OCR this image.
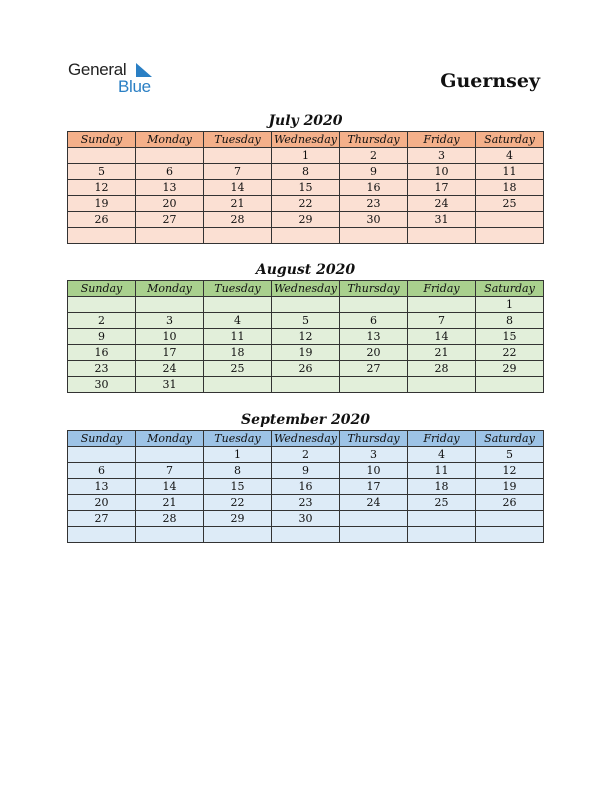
General
Blue	Guernsey
July 2020
Sunday	Monday	Tuesday	Wednesday	Thursday	Friday	Saturday
			1	2	3	4
5	6	7	8	9	10	11
12	13	14	15	16	17	18
19	20	21	22	23	24	25
26	27	28	29	30	31	

August 2020
Sunday	Monday	Tuesday	Wednesday	Thursday	Friday	Saturday
						1
2	3	4	5	6	7	8
9	10	11	12	13	14	15
16	17	18	19	20	21	22
23	24	25	26	27	28	29
30	31					
September 2020
Sunday	Monday	Tuesday	Wednesday	Thursday	Friday	Saturday
		1	2	3	4	5
6	7	8	9	10	11	12
13	14	15	16	17	18	19
20	21	22	23	24	25	26
27	28	29	30			
